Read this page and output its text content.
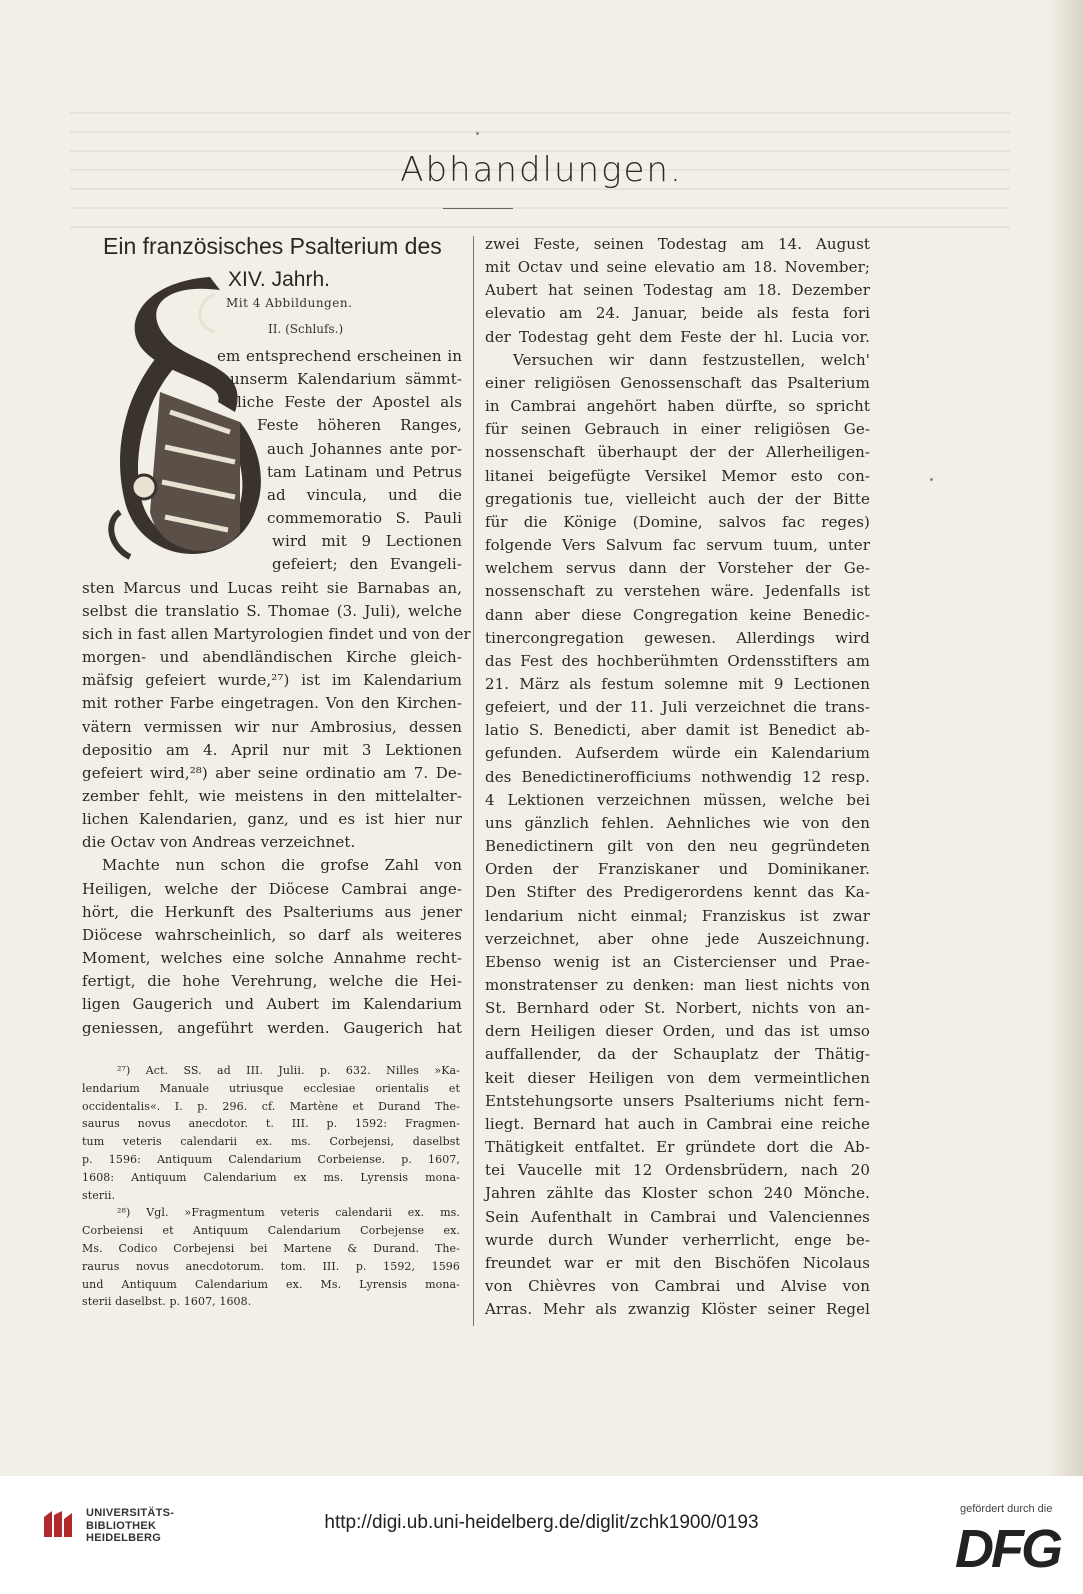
Abhandlungen.
Ein französisches Psalterium des
XIV. Jahrh.
Mit 4 Abbildungen.
II. (Schlufs.)
em entsprechend erscheinen in
unserm Kalendarium sämmt-
liche Feste der Apostel als
Feste höheren Ranges,
auch Johannes ante por-
tam Latinam und Petrus
ad vincula, und die
commemoratio S. Pauli
wird mit 9 Lectionen
gefeiert; den Evangeli-
sten Marcus und Lucas reiht sie Barnabas an,
selbst die translatio S. Thomae (3. Juli), welche
sich in fast allen Martyrologien findet und von der
morgen- und abendländischen Kirche gleich-
mäfsig gefeiert wurde,²⁷) ist im Kalendarium
mit rother Farbe eingetragen. Von den Kirchen-
vätern vermissen wir nur Ambrosius, dessen
depositio am 4. April nur mit 3 Lektionen
gefeiert wird,²⁸) aber seine ordinatio am 7. De-
zember fehlt, wie meistens in den mittelalter-
lichen Kalendarien, ganz, und es ist hier nur
die Octav von Andreas verzeichnet.
Machte nun schon die grofse Zahl von
Heiligen, welche der Diöcese Cambrai ange-
hört, die Herkunft des Psalteriums aus jener
Diöcese wahrscheinlich, so darf als weiteres
Moment, welches eine solche Annahme recht-
fertigt, die hohe Verehrung, welche die Hei-
ligen Gaugerich und Aubert im Kalendarium
geniessen, angeführt werden. Gaugerich hat
²⁷) Act. SS. ad III. Julii. p. 632. Nilles »Ka-
lendarium Manuale utriusque ecclesiae orientalis et
occidentalis«. I. p. 296. cf. Martène et Durand The-
saurus novus anecdotor. t. III. p. 1592: Fragmen-
tum veteris calendarii ex. ms. Corbejensi, daselbst
p. 1596: Antiquum Calendarium Corbeiense. p. 1607,
1608: Antiquum Calendarium ex ms. Lyrensis mona-
sterii.
²⁸) Vgl. »Fragmentum veteris calendarii ex. ms.
Corbeiensi et Antiquum Calendarium Corbejense ex.
Ms. Codico Corbejensi bei Martene & Durand. The-
raurus novus anecdotorum. tom. III. p. 1592, 1596
und Antiquum Calendarium ex. Ms. Lyrensis mona-
sterii daselbst. p. 1607, 1608.
zwei Feste, seinen Todestag am 14. August
mit Octav und seine elevatio am 18. November;
Aubert hat seinen Todestag am 18. Dezember
elevatio am 24. Januar, beide als festa fori
der Todestag geht dem Feste der hl. Lucia vor.
Versuchen wir dann festzustellen, welch'
einer religiösen Genossenschaft das Psalterium
in Cambrai angehört haben dürfte, so spricht
für seinen Gebrauch in einer religiösen Ge-
nossenschaft überhaupt der der Allerheiligen-
litanei beigefügte Versikel Memor esto con-
gregationis tue, vielleicht auch der der Bitte
für die Könige (Domine, salvos fac reges)
folgende Vers Salvum fac servum tuum, unter
welchem servus dann der Vorsteher der Ge-
nossenschaft zu verstehen wäre. Jedenfalls ist
dann aber diese Congregation keine Benedic-
tinercongregation gewesen. Allerdings wird
das Fest des hochberühmten Ordensstifters am
21. März als festum solemne mit 9 Lectionen
gefeiert, und der 11. Juli verzeichnet die trans-
latio S. Benedicti, aber damit ist Benedict ab-
gefunden. Aufserdem würde ein Kalendarium
des Benedictinerofficiums nothwendig 12 resp.
4 Lektionen verzeichnen müssen, welche bei
uns gänzlich fehlen. Aehnliches wie von den
Benedictinern gilt von den neu gegründeten
Orden der Franziskaner und Dominikaner.
Den Stifter des Predigerordens kennt das Ka-
lendarium nicht einmal; Franziskus ist zwar
verzeichnet, aber ohne jede Auszeichnung.
Ebenso wenig ist an Cistercienser und Prae-
monstratenser zu denken: man liest nichts von
St. Bernhard oder St. Norbert, nichts von an-
dern Heiligen dieser Orden, und das ist umso
auffallender, da der Schauplatz der Thätig-
keit dieser Heiligen von dem vermeintlichen
Entstehungsorte unsers Psalteriums nicht fern-
liegt. Bernard hat auch in Cambrai eine reiche
Thätigkeit entfaltet. Er gründete dort die Ab-
tei Vaucelle mit 12 Ordensbrüdern, nach 20
Jahren zählte das Kloster schon 240 Mönche.
Sein Aufenthalt in Cambrai und Valenciennes
wurde durch Wunder verherrlicht, enge be-
freundet war er mit den Bischöfen Nicolaus
von Chièvres von Cambrai und Alvise von
Arras. Mehr als zwanzig Klöster seiner Regel
UNIVERSITÄTS-
BIBLIOTHEK
HEIDELBERG
http://digi.ub.uni-heidelberg.de/diglit/zchk1900/0193
gefördert durch die
DFG
